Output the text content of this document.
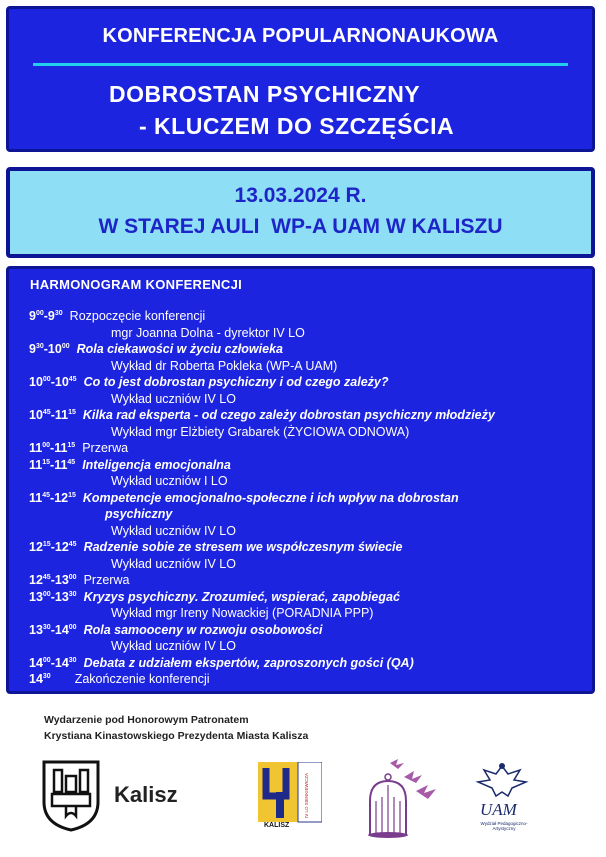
KONFERENCJA POPULARNONAUKOWA
DOBROSTAN PSYCHICZNY
- KLUCZEM DO SZCZĘŚCIA
13.03.2024 R.
W STAREJ AULI  WP-A UAM W KALISZU
HARMONOGRAM KONFERENCJI
$9^{00}-9^{30}$ Rozpoczęcie konferencji
mgr Joanna Dolna - dyrektor IV LO
$9^{30}-10^{00}$ Rola ciekawości w życiu człowieka
Wykład dr Roberta Pokleka (WP-A UAM)
$10^{00}-10^{45}$ Co to jest dobrostan psychiczny i od czego zależy?
Wykład uczniów IV LO
$10^{45}-11^{15}$ Kilka rad eksperta - od czego zależy dobrostan psychiczny młodzieży
Wykład mgr Elżbiety Grabarek (ŻYCIOWA ODNOWA)
$11^{00}-11^{15}$ Przerwa
$11^{15}-11^{45}$ Inteligencja emocjonalna
Wykład uczniów I LO
$11^{45}-12^{15}$ Kompetencje emocjonalno-społeczne i ich wpływ na dobrostan
psychiczny
Wykład uczniów IV LO
$12^{15}-12^{45}$ Radzenie sobie ze stresem we współczesnym świecie
Wykład uczniów IV LO
$12^{45}-13^{00}$ Przerwa
$13^{00}-13^{30}$ Kryzys psychiczny. Zrozumieć, wspierać, zapobiegać
Wykład mgr Ireny Nowackiej (PORADNIA PPP)
$13^{30}-14^{00}$ Rola samooceny w rozwoju osobowości
Wykład uczniów IV LO
$14^{00}-14^{30}$ Debata z udziałem ekspertów, zaproszonych gości (QA)
$14^{30}$ Zakończenie konferencji
Wydarzenie pod Honorowym Patronatem
Krystiana Kinastowskiego Prezydenta Miasta Kalisza
Kalisz	IV LO SIENKIEWICZA
KALISZ
UAM
Wydział Pedagogiczno-Artystyczny
